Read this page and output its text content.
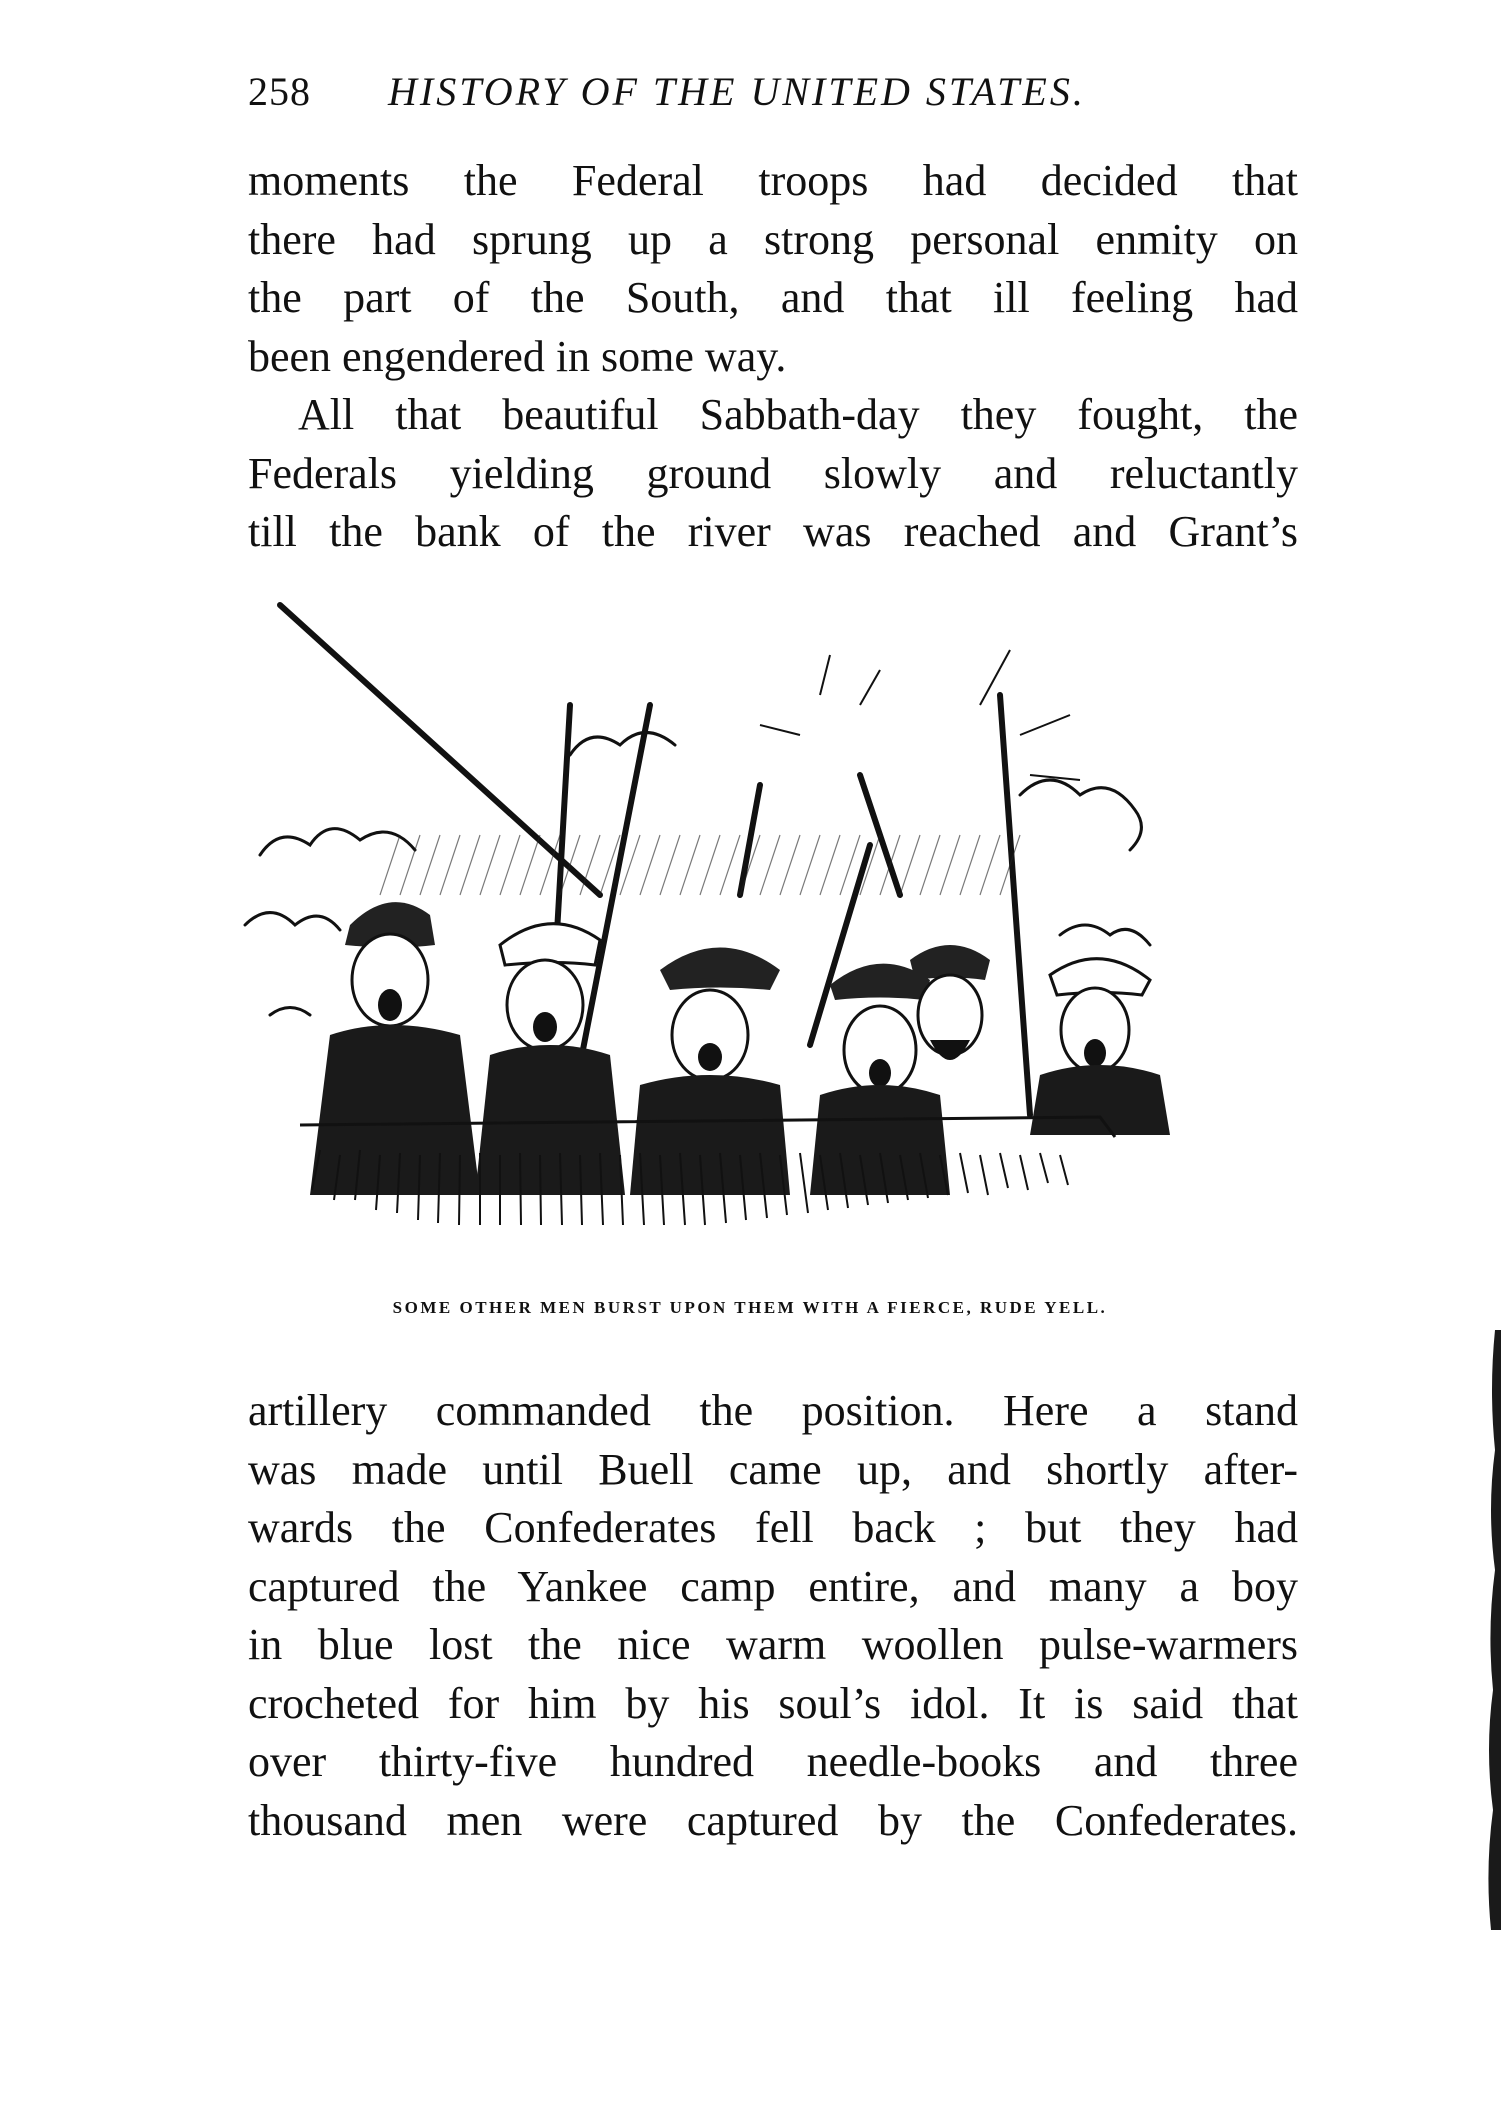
258 HISTORY OF THE UNITED STATES.
moments the Federal troops had decided that
there had sprung up a strong personal enmity on
the part of the South, and that ill feeling had
been engendered in some way.
All that beautiful Sabbath-day they fought, the
Federals yielding ground slowly and reluctantly
till the bank of the river was reached and Grant’s
SOME OTHER MEN BURST UPON THEM WITH A FIERCE, RUDE YELL.
artillery commanded the position. Here a stand
was made until Buell came up, and shortly after-
wards the Confederates fell back ; but they had
captured the Yankee camp entire, and many a boy
in blue lost the nice warm woollen pulse-warmers
crocheted for him by his soul’s idol. It is said that
over thirty-five hundred needle-books and three
thousand men were captured by the Confederates.
